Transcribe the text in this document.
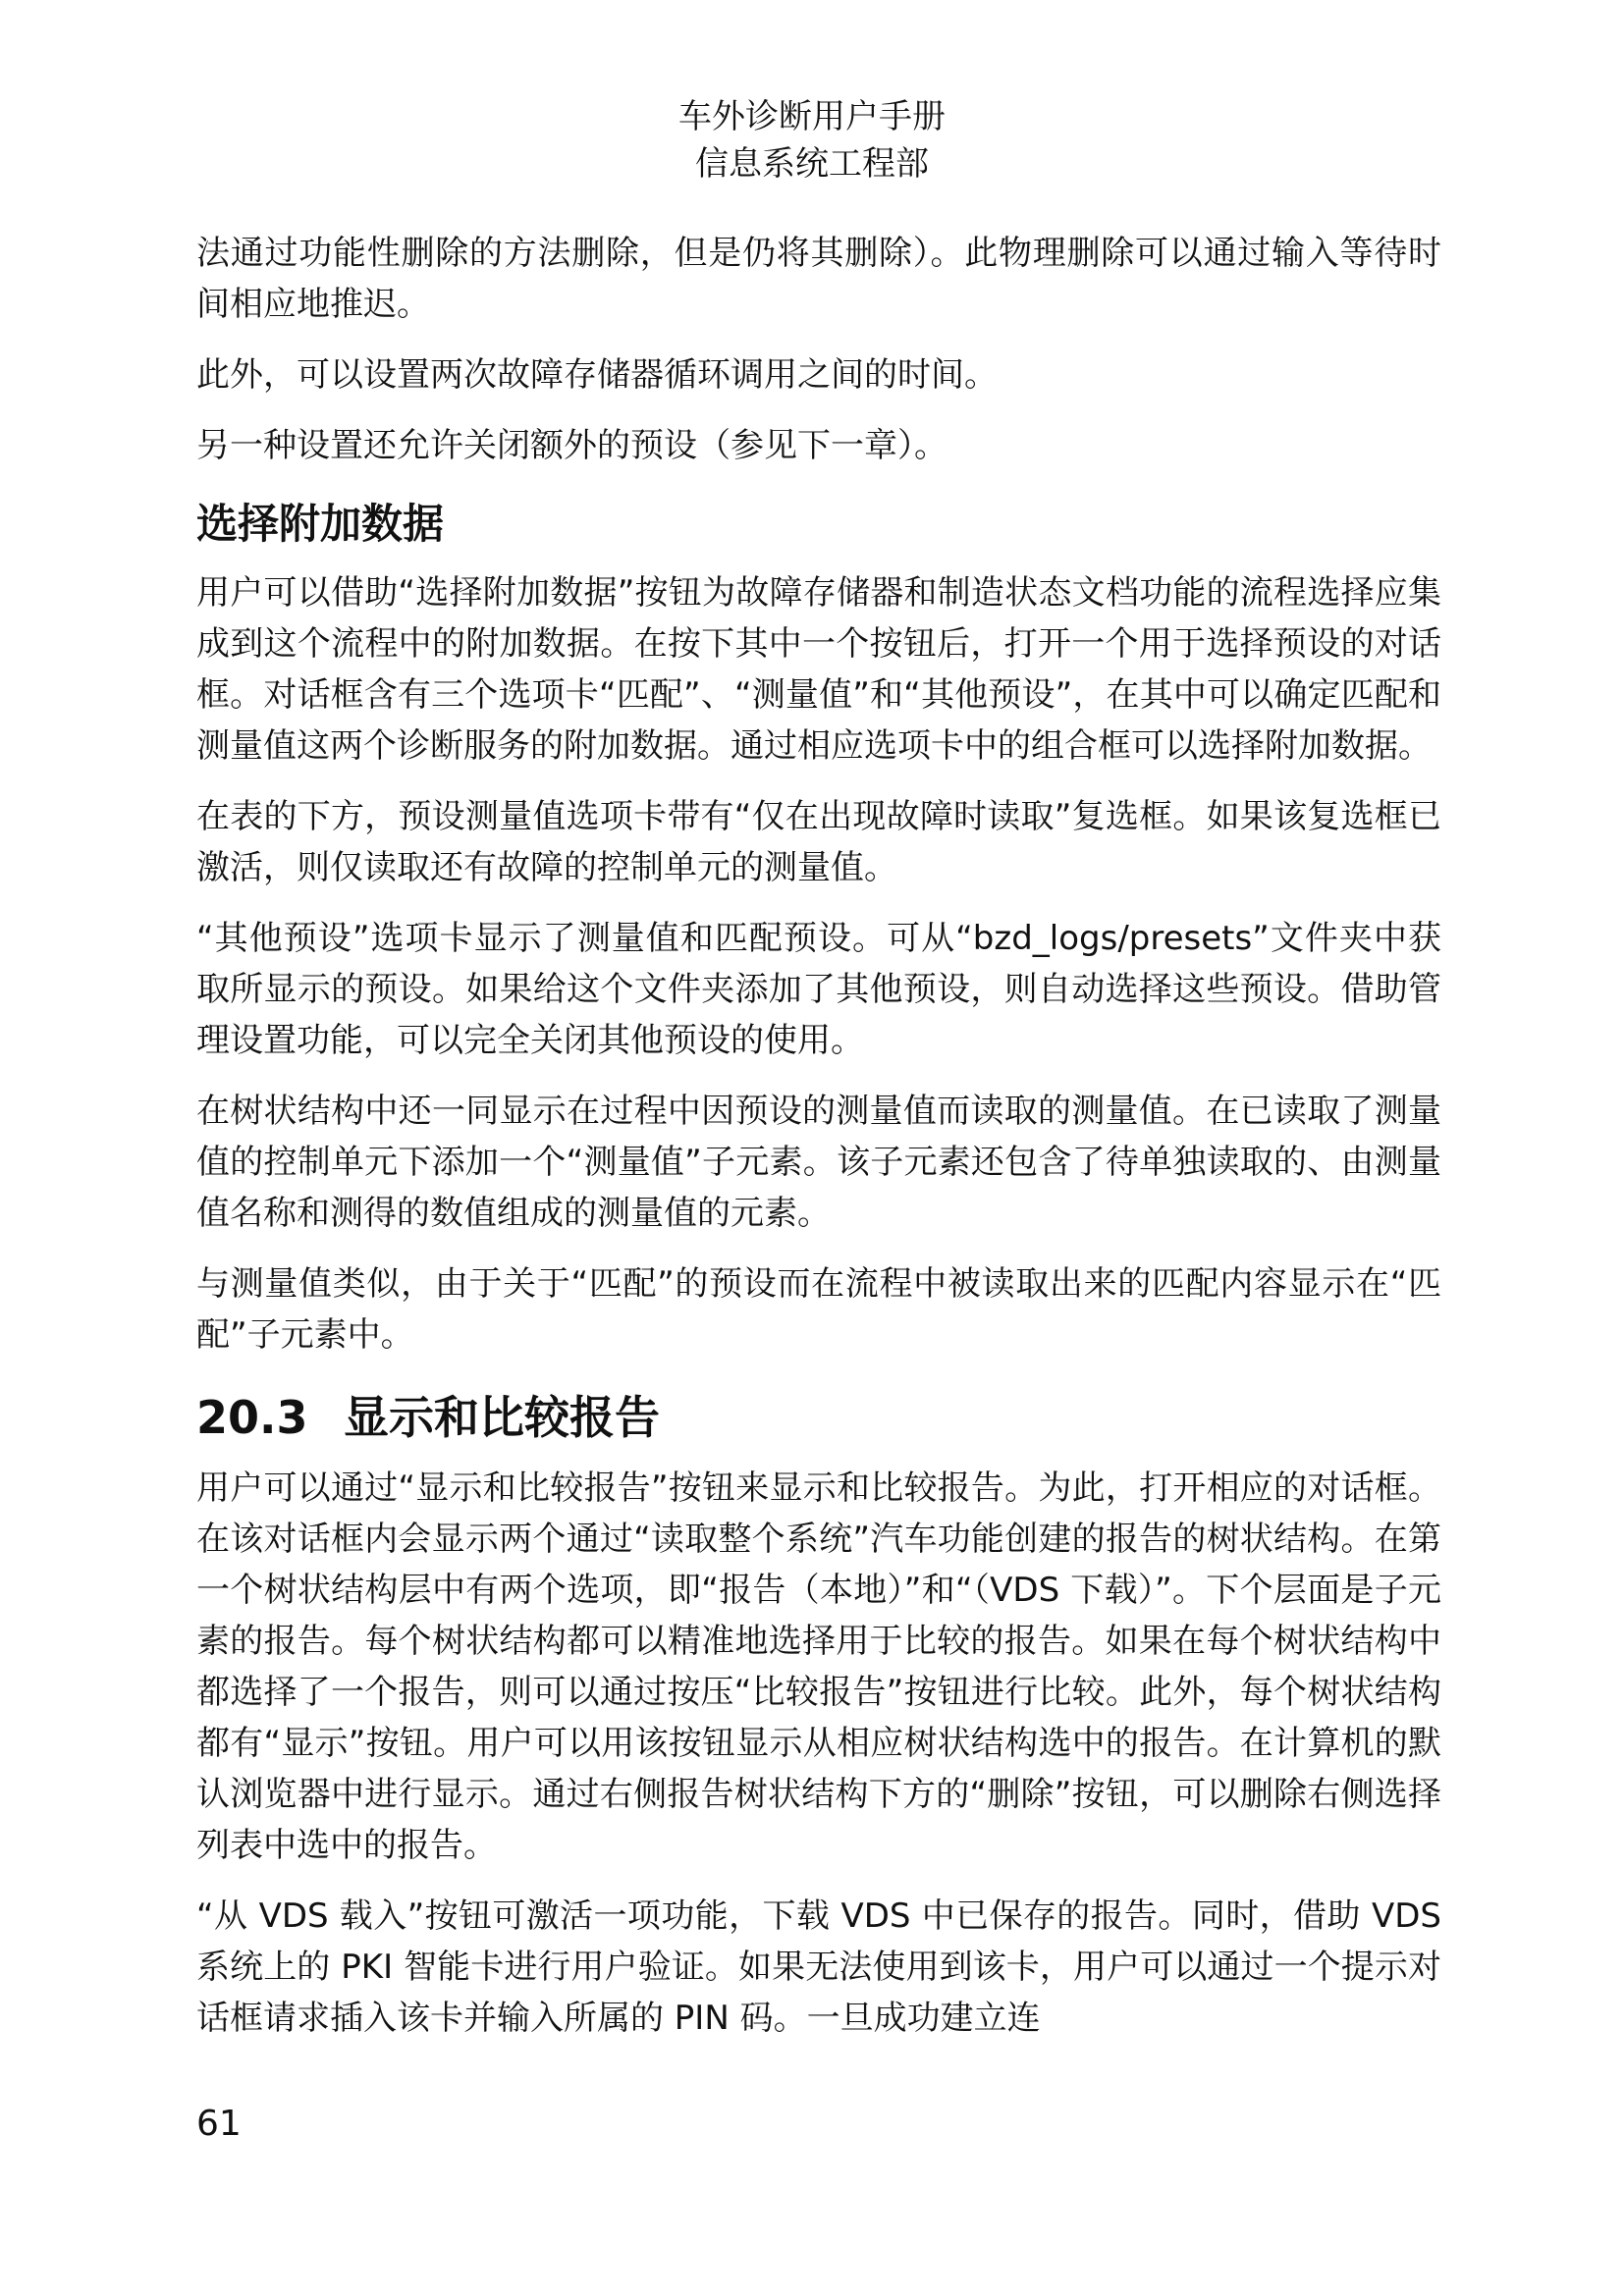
车外诊断用户手册
信息系统工程部

法通过功能性删除的方法删除，但是仍将其删除）。此物理删除可以通过输入等待时间相应地推迟。

此外，可以设置两次故障存储器循环调用之间的时间。

另一种设置还允许关闭额外的预设（参见下一章）。

选择附加数据

用户可以借助“选择附加数据”按钮为故障存储器和制造状态文档功能的流程选择应集成到这个流程中的附加数据。在按下其中一个按钮后，打开一个用于选择预设的对话框。对话框含有三个选项卡“匹配”、“测量值”和“其他预设”，在其中可以确定匹配和测量值这两个诊断服务的附加数据。通过相应选项卡中的组合框可以选择附加数据。

在表的下方，预设测量值选项卡带有“仅在出现故障时读取”复选框。如果该复选框已激活，则仅读取还有故障的控制单元的测量值。

“其他预设”选项卡显示了测量值和匹配预设。可从“bzd_logs/presets”文件夹中获取所显示的预设。如果给这个文件夹添加了其他预设，则自动选择这些预设。借助管理设置功能，可以完全关闭其他预设的使用。

在树状结构中还一同显示在过程中因预设的测量值而读取的测量值。在已读取了测量值的控制单元下添加一个“测量值”子元素。该子元素还包含了待单独读取的、由测量值名称和测得的数值组成的测量值的元素。

与测量值类似，由于关于“匹配”的预设而在流程中被读取出来的匹配内容显示在“匹配”子元素中。

20.3 显示和比较报告

用户可以通过“显示和比较报告”按钮来显示和比较报告。为此，打开相应的对话框。在该对话框内会显示两个通过“读取整个系统”汽车功能创建的报告的树状结构。在第一个树状结构层中有两个选项，即“报告（本地）”和“（VDS 下载）”。下个层面是子元素的报告。每个树状结构都可以精准地选择用于比较的报告。如果在每个树状结构中都选择了一个报告，则可以通过按压“比较报告”按钮进行比较。此外，每个树状结构都有“显示”按钮。用户可以用该按钮显示从相应树状结构选中的报告。在计算机的默认浏览器中进行显示。通过右侧报告树状结构下方的“删除”按钮，可以删除右侧选择列表中选中的报告。

“从 VDS 载入”按钮可激活一项功能，下载 VDS 中已保存的报告。同时，借助 VDS 系统上的 PKI 智能卡进行用户验证。如果无法使用到该卡，用户可以通过一个提示对话框请求插入该卡并输入所属的 PIN 码。一旦成功建立连

61
